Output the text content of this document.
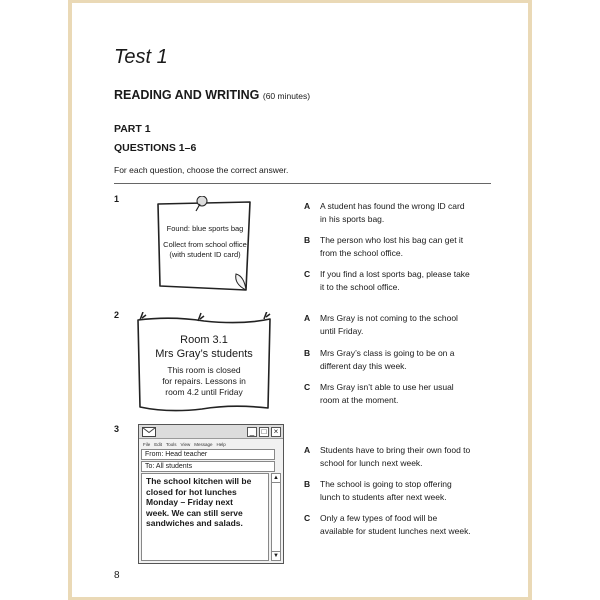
Test 1
READING AND WRITING (60 minutes)
PART 1
QUESTIONS 1–6
For each question, choose the correct answer.
1
Found: blue sports bag
Collect from school office
(with student ID card)
A A student has found the wrong ID card
in his sports bag.
B The person who lost his bag can get it
from the school office.
C If you find a lost sports bag, please take
it to the school office.
2
Room 3.1
Mrs Gray’s students
This room is closed
for repairs. Lessons in
room 4.2 until Friday
A Mrs Gray is not coming to the school
until Friday.
B Mrs Gray’s class is going to be on a
different day this week.
C Mrs Gray isn’t able to use her usual
room at the moment.
3	_ □ ×
File Edit Tools View Message Help
From: Head teacher
To: All students
The school kitchen will be
closed for hot lunches
Monday – Friday next
week. We can still serve
sandwiches and salads.
▲
▼
A Students have to bring their own food to
school for lunch next week.
B The school is going to stop offering
lunch to students after next week.
C Only a few types of food will be
available for student lunches next week.
8
